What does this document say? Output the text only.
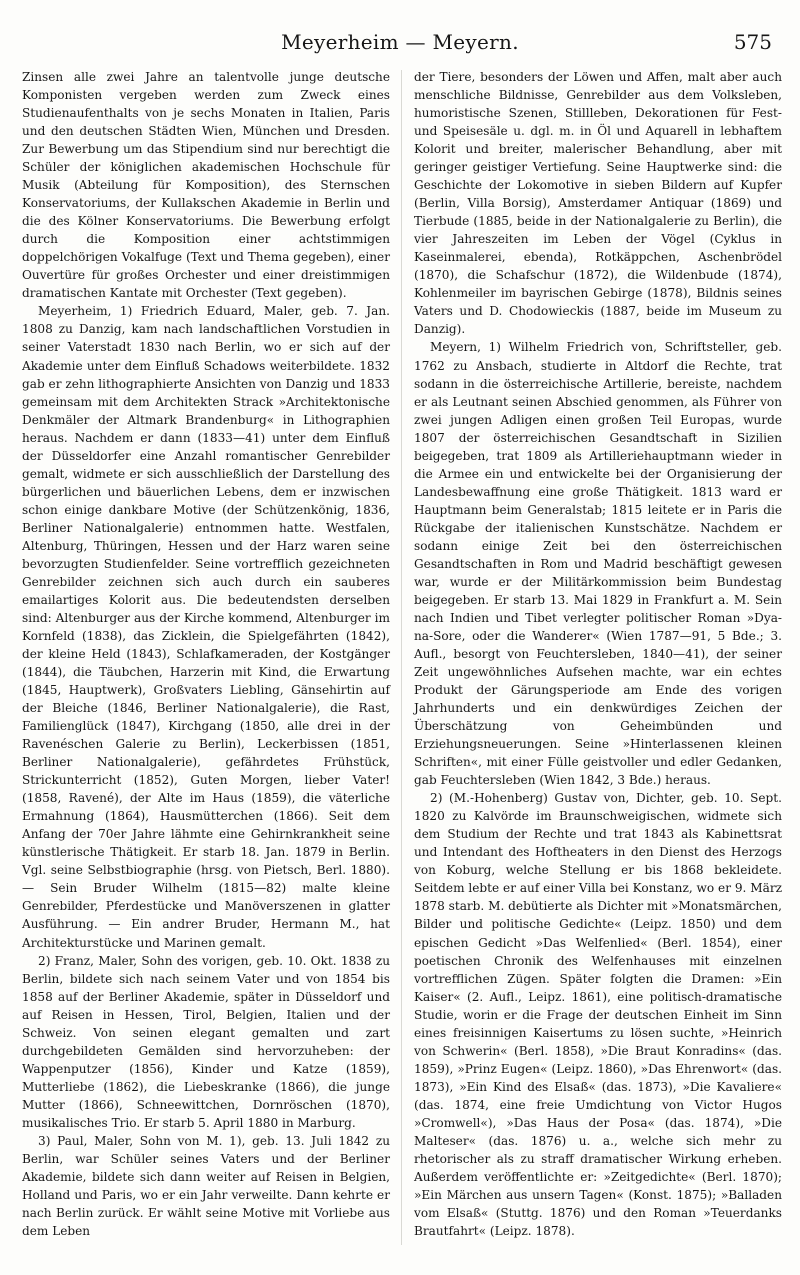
Meyerheim — Meyern.	575

Zinsen alle zwei Jahre an talentvolle junge deutsche Komponisten vergeben werden zum Zweck eines Studienaufenthalts von je sechs Monaten in Italien, Paris und den deutschen Städten Wien, München und Dresden. Zur Bewerbung um das Stipendium sind nur berechtigt die Schüler der königlichen akademischen Hochschule für Musik (Abteilung für Komposition), des Sternschen Konservatoriums, der Kullakschen Akademie in Berlin und die des Kölner Konservatoriums. Die Bewerbung erfolgt durch die Komposition einer achtstimmigen doppelchörigen Vokalfuge (Text und Thema gegeben), einer Ouvertüre für großes Orchester und einer dreistimmigen dramatischen Kantate mit Orchester (Text gegeben).

Meyerheim, 1) Friedrich Eduard, Maler, geb. 7. Jan. 1808 zu Danzig, kam nach landschaftlichen Vorstudien in seiner Vaterstadt 1830 nach Berlin, wo er sich auf der Akademie unter dem Einfluß Schadows weiterbildete. 1832 gab er zehn lithographierte Ansichten von Danzig und 1833 gemeinsam mit dem Architekten Strack »Architektonische Denkmäler der Altmark Brandenburg« in Lithographien heraus. Nachdem er dann (1833—41) unter dem Einfluß der Düsseldorfer eine Anzahl romantischer Genrebilder gemalt, widmete er sich ausschließlich der Darstellung des bürgerlichen und bäuerlichen Lebens, dem er inzwischen schon einige dankbare Motive (der Schützenkönig, 1836, Berliner Nationalgalerie) entnommen hatte. Westfalen, Altenburg, Thüringen, Hessen und der Harz waren seine bevorzugten Studienfelder. Seine vortrefflich gezeichneten Genrebilder zeichnen sich auch durch ein sauberes emailartiges Kolorit aus. Die bedeutendsten derselben sind: Altenburger aus der Kirche kommend, Altenburger im Kornfeld (1838), das Zicklein, die Spielgefährten (1842), der kleine Held (1843), Schlafkameraden, der Kostgänger (1844), die Täubchen, Harzerin mit Kind, die Erwartung (1845, Hauptwerk), Großvaters Liebling, Gänsehirtin auf der Bleiche (1846, Berliner Nationalgalerie), die Rast, Familienglück (1847), Kirchgang (1850, alle drei in der Ravenéschen Galerie zu Berlin), Leckerbissen (1851, Berliner Nationalgalerie), gefährdetes Frühstück, Strickunterricht (1852), Guten Morgen, lieber Vater! (1858, Ravené), der Alte im Haus (1859), die väterliche Ermahnung (1864), Hausmütterchen (1866). Seit dem Anfang der 70er Jahre lähmte eine Gehirnkrankheit seine künstlerische Thätigkeit. Er starb 18. Jan. 1879 in Berlin. Vgl. seine Selbstbiographie (hrsg. von Pietsch, Berl. 1880). — Sein Bruder Wilhelm (1815—82) malte kleine Genrebilder, Pferdestücke und Manöverszenen in glatter Ausführung. — Ein andrer Bruder, Hermann M., hat Architekturstücke und Marinen gemalt.

2) Franz, Maler, Sohn des vorigen, geb. 10. Okt. 1838 zu Berlin, bildete sich nach seinem Vater und von 1854 bis 1858 auf der Berliner Akademie, später in Düsseldorf und auf Reisen in Hessen, Tirol, Belgien, Italien und der Schweiz. Von seinen elegant gemalten und zart durchgebildeten Gemälden sind hervorzuheben: der Wappenputzer (1856), Kinder und Katze (1859), Mutterliebe (1862), die Liebeskranke (1866), die junge Mutter (1866), Schneewittchen, Dornröschen (1870), musikalisches Trio. Er starb 5. April 1880 in Marburg.

3) Paul, Maler, Sohn von M. 1), geb. 13. Juli 1842 zu Berlin, war Schüler seines Vaters und der Berliner Akademie, bildete sich dann weiter auf Reisen in Belgien, Holland und Paris, wo er ein Jahr verweilte. Dann kehrte er nach Berlin zurück. Er wählt seine Motive mit Vorliebe aus dem Leben

der Tiere, besonders der Löwen und Affen, malt aber auch menschliche Bildnisse, Genrebilder aus dem Volksleben, humoristische Szenen, Stillleben, Dekorationen für Fest- und Speisesäle u. dgl. m. in Öl und Aquarell in lebhaftem Kolorit und breiter, malerischer Behandlung, aber mit geringer geistiger Vertiefung. Seine Hauptwerke sind: die Geschichte der Lokomotive in sieben Bildern auf Kupfer (Berlin, Villa Borsig), Amsterdamer Antiquar (1869) und Tierbude (1885, beide in der Nationalgalerie zu Berlin), die vier Jahreszeiten im Leben der Vögel (Cyklus in Kaseinmalerei, ebenda), Rotkäppchen, Aschenbrödel (1870), die Schafschur (1872), die Wildenbude (1874), Kohlenmeiler im bayrischen Gebirge (1878), Bildnis seines Vaters und D. Chodowieckis (1887, beide im Museum zu Danzig).

Meyern, 1) Wilhelm Friedrich von, Schriftsteller, geb. 1762 zu Ansbach, studierte in Altdorf die Rechte, trat sodann in die österreichische Artillerie, bereiste, nachdem er als Leutnant seinen Abschied genommen, als Führer von zwei jungen Adligen einen großen Teil Europas, wurde 1807 der österreichischen Gesandtschaft in Sizilien beigegeben, trat 1809 als Artilleriehauptmann wieder in die Armee ein und entwickelte bei der Organisierung der Landesbewaffnung eine große Thätigkeit. 1813 ward er Hauptmann beim Generalstab; 1815 leitete er in Paris die Rückgabe der italienischen Kunstschätze. Nachdem er sodann einige Zeit bei den österreichischen Gesandtschaften in Rom und Madrid beschäftigt gewesen war, wurde er der Militärkommission beim Bundestag beigegeben. Er starb 13. Mai 1829 in Frankfurt a. M. Sein nach Indien und Tibet verlegter politischer Roman »Dya-na-Sore, oder die Wanderer« (Wien 1787—91, 5 Bde.; 3. Aufl., besorgt von Feuchtersleben, 1840—41), der seiner Zeit ungewöhnliches Aufsehen machte, war ein echtes Produkt der Gärungsperiode am Ende des vorigen Jahrhunderts und ein denkwürdiges Zeichen der Überschätzung von Geheimbünden und Erziehungsneuerungen. Seine »Hinterlassenen kleinen Schriften«, mit einer Fülle geistvoller und edler Gedanken, gab Feuchtersleben (Wien 1842, 3 Bde.) heraus.

2) (M.-Hohenberg) Gustav von, Dichter, geb. 10. Sept. 1820 zu Kalvörde im Braunschweigischen, widmete sich dem Studium der Rechte und trat 1843 als Kabinettsrat und Intendant des Hoftheaters in den Dienst des Herzogs von Koburg, welche Stellung er bis 1868 bekleidete. Seitdem lebte er auf einer Villa bei Konstanz, wo er 9. März 1878 starb. M. debütierte als Dichter mit »Monatsmärchen, Bilder und politische Gedichte« (Leipz. 1850) und dem epischen Gedicht »Das Welfenlied« (Berl. 1854), einer poetischen Chronik des Welfenhauses mit einzelnen vortrefflichen Zügen. Später folgten die Dramen: »Ein Kaiser« (2. Aufl., Leipz. 1861), eine politisch-dramatische Studie, worin er die Frage der deutschen Einheit im Sinn eines freisinnigen Kaisertums zu lösen suchte, »Heinrich von Schwerin« (Berl. 1858), »Die Braut Konradins« (das. 1859), »Prinz Eugen« (Leipz. 1860), »Das Ehrenwort« (das. 1873), »Ein Kind des Elsaß« (das. 1873), »Die Kavaliere« (das. 1874, eine freie Umdichtung von Victor Hugos »Cromwell«), »Das Haus der Posa« (das. 1874), »Die Malteser« (das. 1876) u. a., welche sich mehr zu rhetorischer als zu straff dramatischer Wirkung erheben. Außerdem veröffentlichte er: »Zeitgedichte« (Berl. 1870); »Ein Märchen aus unsern Tagen« (Konst. 1875); »Balladen vom Elsaß« (Stuttg. 1876) und den Roman »Teuerdanks Brautfahrt« (Leipz. 1878).
